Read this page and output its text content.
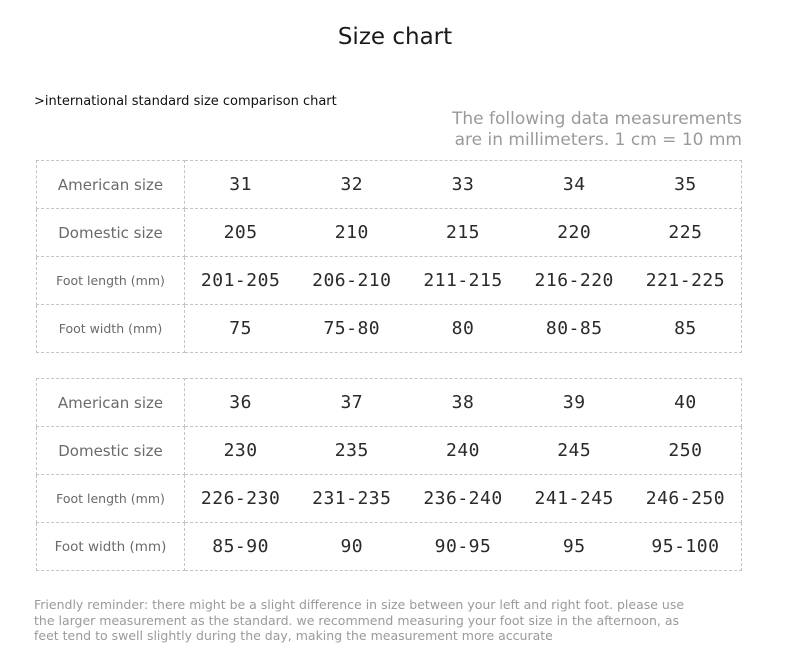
Size chart
>international standard size comparison chart
The following data measurements
are in millimeters. 1 cm = 10 mm
American size	31 32 33 34 35

Domestic size	205 210 215 220 225

Foot length (mm)	201-205 206-210 211-215 216-220 221-225

Foot width (mm)	75 75-80 80 80-85 85
American size	36 37 38 39 40

Domestic size	230 235 240 245 250

Foot length (mm)	226-230 231-235 236-240 241-245 246-250

Foot width (mm)	85-90 90 90-95 95 95-100
Friendly reminder: there might be a slight difference in size between your left and right foot. please use
the larger measurement as the standard. we recommend measuring your foot size in the afternoon, as
feet tend to swell slightly during the day, making the measurement more accurate
